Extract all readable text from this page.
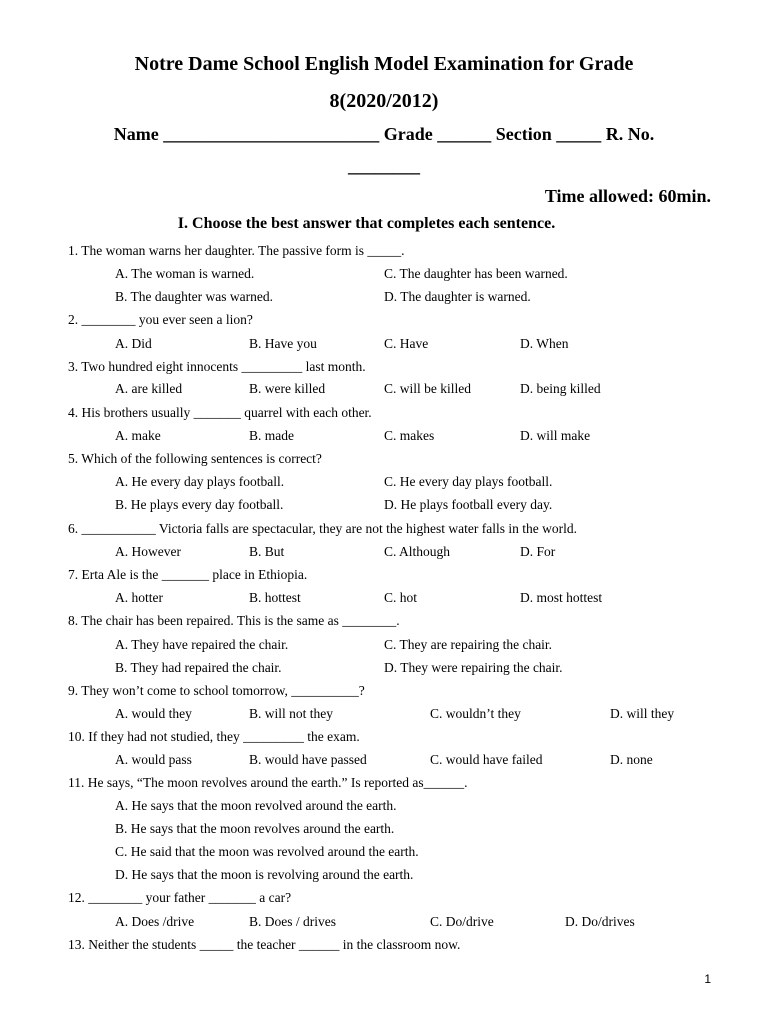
Notre Dame School English Model Examination for Grade
8(2020/2012)
Name ________________________ Grade ______ Section _____ R. No.
________
Time allowed: 60min.
I. Choose the best answer that completes each sentence.
1. The woman warns her daughter. The passive form is _____.
A. The woman is warned.	C. The daughter has been warned.
B. The daughter was warned.	D. The daughter is warned.
2. ________ you ever seen a lion?
A. Did	B. Have you	C. Have	D. When
3. Two hundred eight innocents _________ last month.
A. are killed	B. were killed	C. will be killed	D. being killed
4. His brothers usually _______ quarrel with each other.
A. make	B. made	C. makes	D. will make
5. Which of the following sentences is correct?
A. He every day plays football.	C. He every day plays football.
B. He plays every day football.	D. He plays football every day.
6. ___________ Victoria falls are spectacular, they are not the highest water falls in the world.
A. However	B. But	C. Although	D. For
7. Erta Ale is the _______ place in Ethiopia.
A. hotter	B. hottest	C. hot	D. most hottest
8. The chair has been repaired. This is the same as ________.
A. They have repaired the chair.	C. They are repairing the chair.
B. They had repaired the chair.	D. They were repairing the chair.
9. They won’t come to school tomorrow, __________?
A. would they	B. will not they	C. wouldn’t they	D. will they
10. If they had not studied, they _________ the exam.
A. would pass	B. would have passed	C. would have failed	D. none
11. He says, “The moon revolves around the earth.” Is reported as______.
A. He says that the moon revolved around the earth.
B. He says that the moon revolves around the earth.
C. He said that the moon was revolved around the earth.
D. He says that the moon is revolving around the earth.
12. ________ your father _______ a car?
A. Does /drive	B. Does / drives	C. Do/drive	D. Do/drives
13. Neither the students _____ the teacher ______ in the classroom now.
1
